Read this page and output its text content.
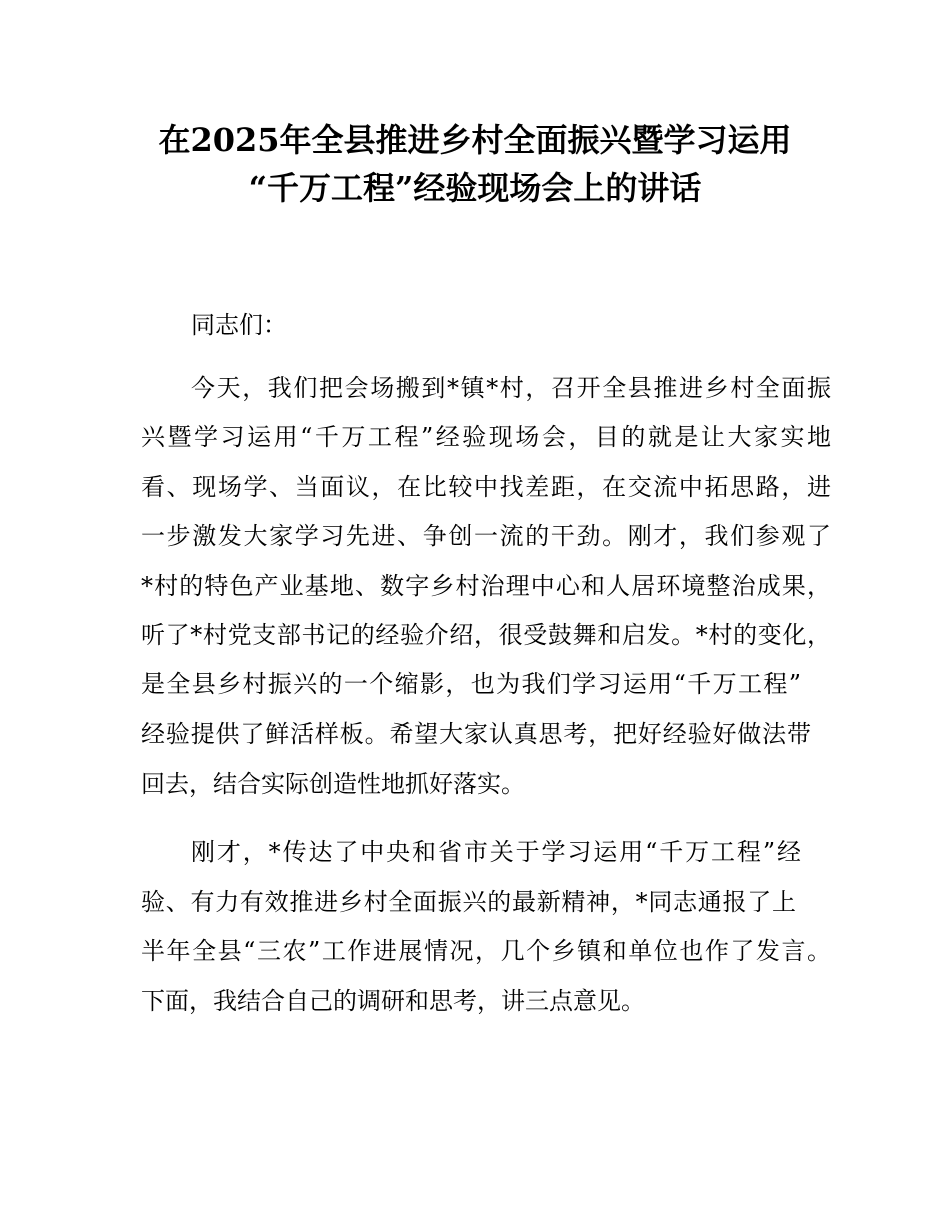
在2025年全县推进乡村全面振兴暨学习运用
“千万工程”经验现场会上的讲话
同志们：
今天，我们把会场搬到*镇*村，召开全县推进乡村全面振
兴暨学习运用“千万工程”经验现场会，目的就是让大家实地
看、现场学、当面议，在比较中找差距，在交流中拓思路，进
一步激发大家学习先进、争创一流的干劲。刚才，我们参观了
*村的特色产业基地、数字乡村治理中心和人居环境整治成果，
听了*村党支部书记的经验介绍，很受鼓舞和启发。*村的变化，
是全县乡村振兴的一个缩影，也为我们学习运用“千万工程”
经验提供了鲜活样板。希望大家认真思考，把好经验好做法带
回去，结合实际创造性地抓好落实。
刚才，*传达了中央和省市关于学习运用“千万工程”经
验、有力有效推进乡村全面振兴的最新精神，*同志通报了上
半年全县“三农”工作进展情况，几个乡镇和单位也作了发言。
下面，我结合自己的调研和思考，讲三点意见。
